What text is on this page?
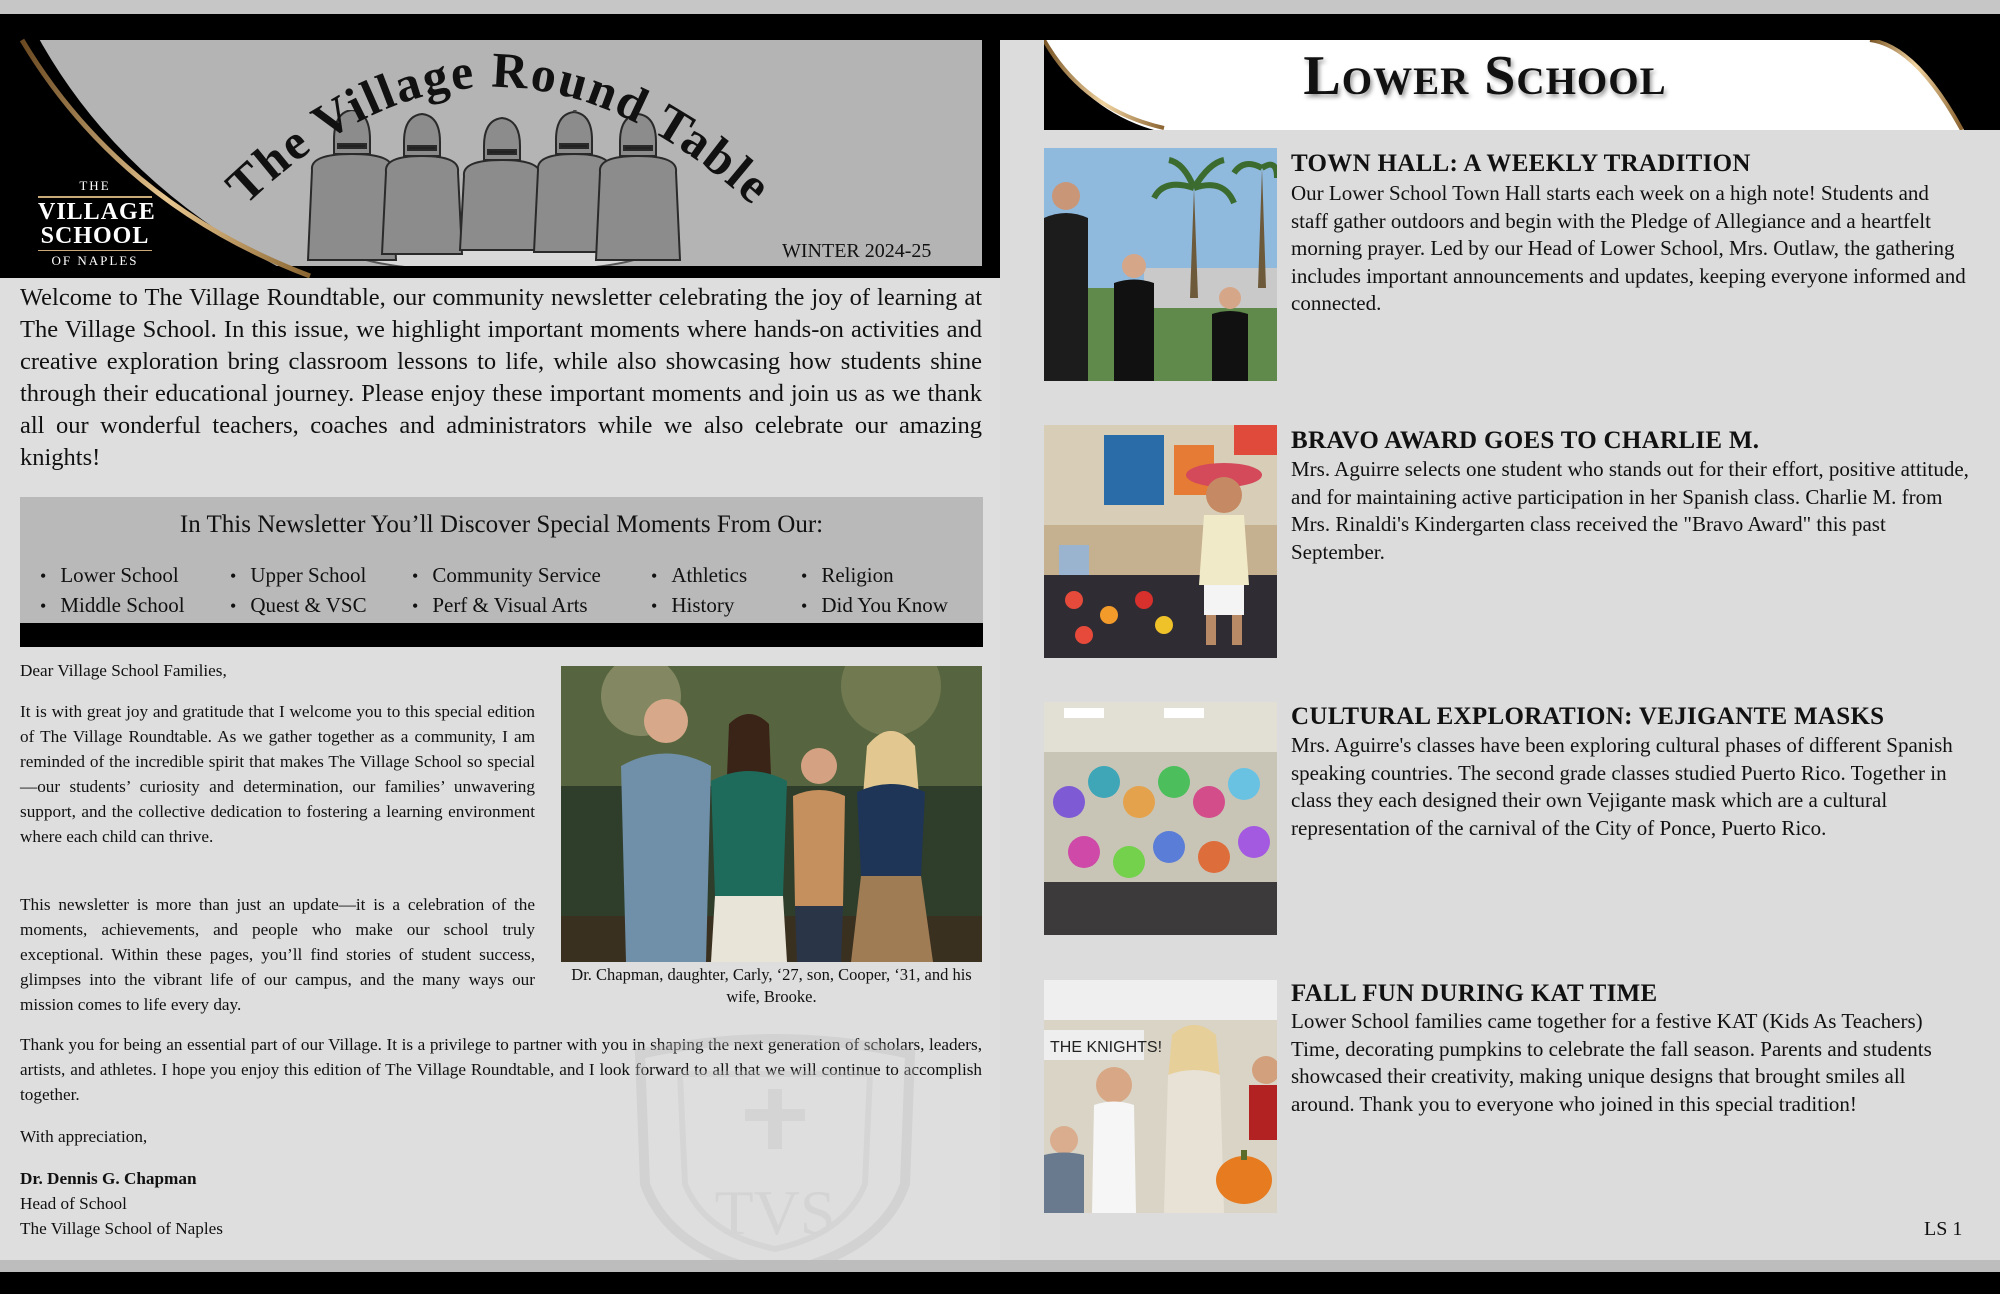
THE
VILLAGE
SCHOOL
OF NAPLES
The Village Round Table
WINTER 2024-25
Welcome to The Village Roundtable, our community newsletter celebrating the joy of learning at The Village School. In this issue, we highlight important moments where hands-on activities and creative exploration bring classroom lessons to life, while also showcasing how students shine through their educational journey. Please enjoy these important moments and join us as we thank all our wonderful teachers, coaches and administrators while we also celebrate our amazing knights!
In This Newsletter You’ll Discover Special Moments From Our:
• Lower School
• Middle School
• Upper School
• Quest & VSC
• Community Service
• Perf & Visual Arts
• Athletics
• History
• Religion
• Did You Know
Dear Village School Families,
It is with great joy and gratitude that I welcome you to this special edition of The Village Roundtable. As we gather together as a community, I am reminded of the incredible spirit that makes The Village School so special—our students’ curiosity and determination, our families’ unwavering support, and the collective dedication to fostering a learning environment where each child can thrive.
This newsletter is more than just an update—it is a celebration of the moments, achievements, and people who make our school truly exceptional. Within these pages, you’ll find stories of student success, glimpses into the vibrant life of our campus, and the many ways our mission comes to life every day.
Dr. Chapman, daughter, Carly, ‘27, son, Cooper, ‘31, and his wife, Brooke.
Thank you for being an essential part of our Village. It is a privilege to partner with you in shaping the next generation of scholars, leaders, artists, and athletes. I hope you enjoy this edition of The Village Roundtable, and I look forward to all that we will continue to accomplish together.
With appreciation,
Dr. Dennis G. Chapman
Head of School
The Village School of Naples	TVS
Lower School
TOWN HALL: A WEEKLY TRADITION
Our Lower School Town Hall starts each week on a high note! Students and staff gather outdoors and begin with the Pledge of Allegiance and a heartfelt morning prayer. Led by our Head of Lower School, Mrs. Outlaw, the gathering includes important announcements and updates, keeping everyone informed and connected.
BRAVO AWARD GOES TO CHARLIE M.
Mrs. Aguirre selects one student who stands out for their effort, positive attitude, and for maintaining active participation in her Spanish class. Charlie M. from Mrs. Rinaldi's Kindergarten class received the "Bravo Award" this past September.
CULTURAL EXPLORATION: VEJIGANTE MASKS
Mrs. Aguirre's classes have been exploring cultural phases of different Spanish speaking countries. The second grade classes studied Puerto Rico. Together in class they each designed their own Vejigante mask which are a cultural representation of the carnival of the City of Ponce, Puerto Rico.
THE KNIGHTS!
FALL FUN DURING KAT TIME
Lower School families came together for a festive KAT (Kids As Teachers) Time, decorating pumpkins to celebrate the fall season. Parents and students showcased their creativity, making unique designs that brought smiles all around. Thank you to everyone who joined in this special tradition!
LS 1
